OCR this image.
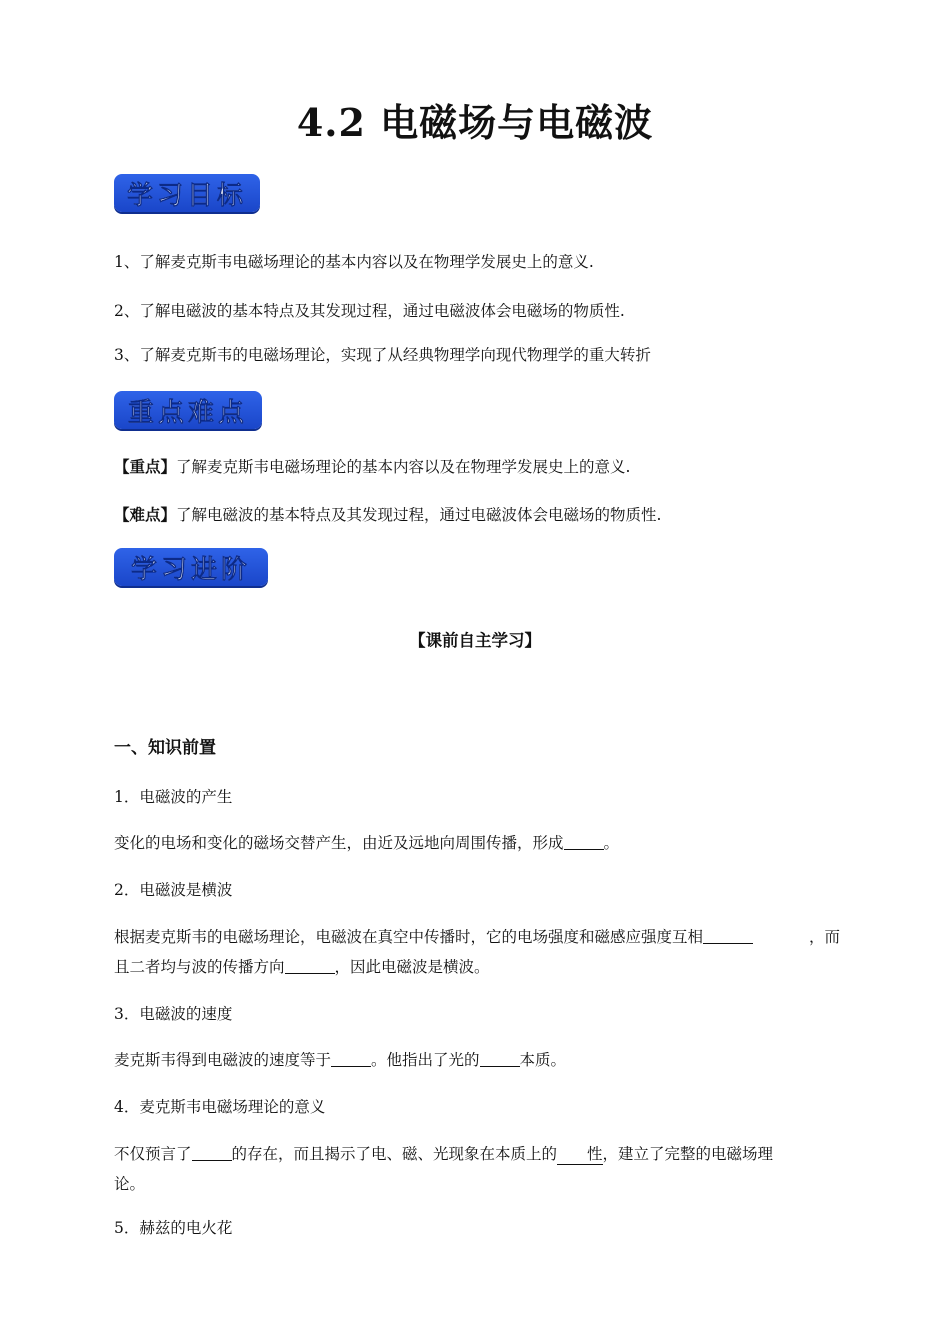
4.2 电磁场与电磁波
学习目标
1、了解麦克斯韦电磁场理论的基本内容以及在物理学发展史上的意义.
2、了解电磁波的基本特点及其发现过程，通过电磁波体会电磁场的物质性.
3、了解麦克斯韦的电磁场理论，实现了从经典物理学向现代物理学的重大转折
重点难点
【重点】了解麦克斯韦电磁场理论的基本内容以及在物理学发展史上的意义.
【难点】了解电磁波的基本特点及其发现过程，通过电磁波体会电磁场的物质性.
学习进阶
【课前自主学习】
一、知识前置
1．电磁波的产生
变化的电场和变化的磁场交替产生，由近及远地向周围传播，形成	。
2．电磁波是横波
根据麦克斯韦的电磁场理论，电磁波在真空中传播时，它的电场强度和磁感应强度互相	，而
且二者均与波的传播方向	，因此电磁波是横波。
3．电磁波的速度
麦克斯韦得到电磁波的速度等于	。他指出了光的	本质。
4．麦克斯韦电磁场理论的意义
不仅预言了	的存在，而且揭示了电、磁、光现象在本质上的 性，建立了完整的电磁场理
论。
5．赫兹的电火花
